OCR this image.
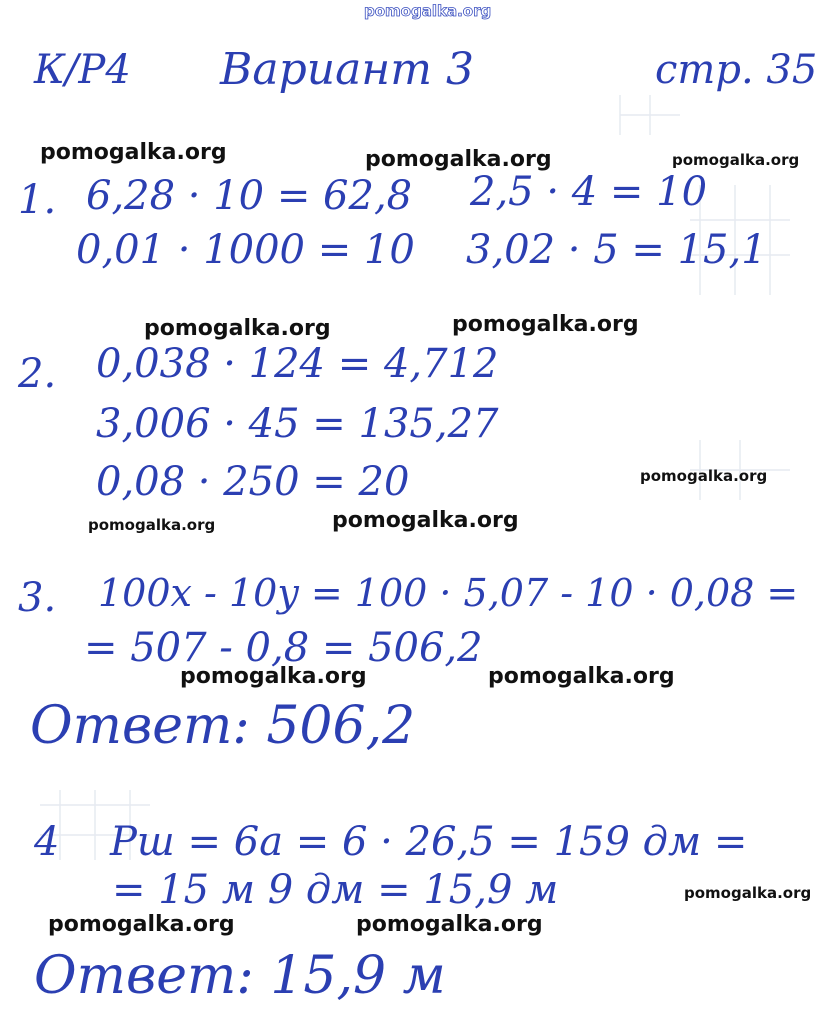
pomogalka.org
К/Р4 Вариант 3	стр. 35
pomogalka.org	pomogalka.org	pomogalka.org
1. 6,28 · 10 = 62,8 2,5 · 4 = 10
0,01 · 1000 = 10 3,02 · 5 = 15,1
pomogalka.org	pomogalka.org
2. 0,038 · 124 = 4,712
3,006 · 45 = 135,27
0,08 · 250 = 20	pomogalka.org
pomogalka.org	pomogalka.org
3. 100x - 10y = 100 · 5,07 - 10 · 0,08 =
= 507 - 0,8 = 506,2
pomogalka.org	pomogalka.org
Ответ: 506,2
4 Pш = 6a = 6 · 26,5 = 159 дм =
= 15 м 9 дм = 15,9 м	pomogalka.org
pomogalka.org	pomogalka.org
Ответ: 15,9 м
